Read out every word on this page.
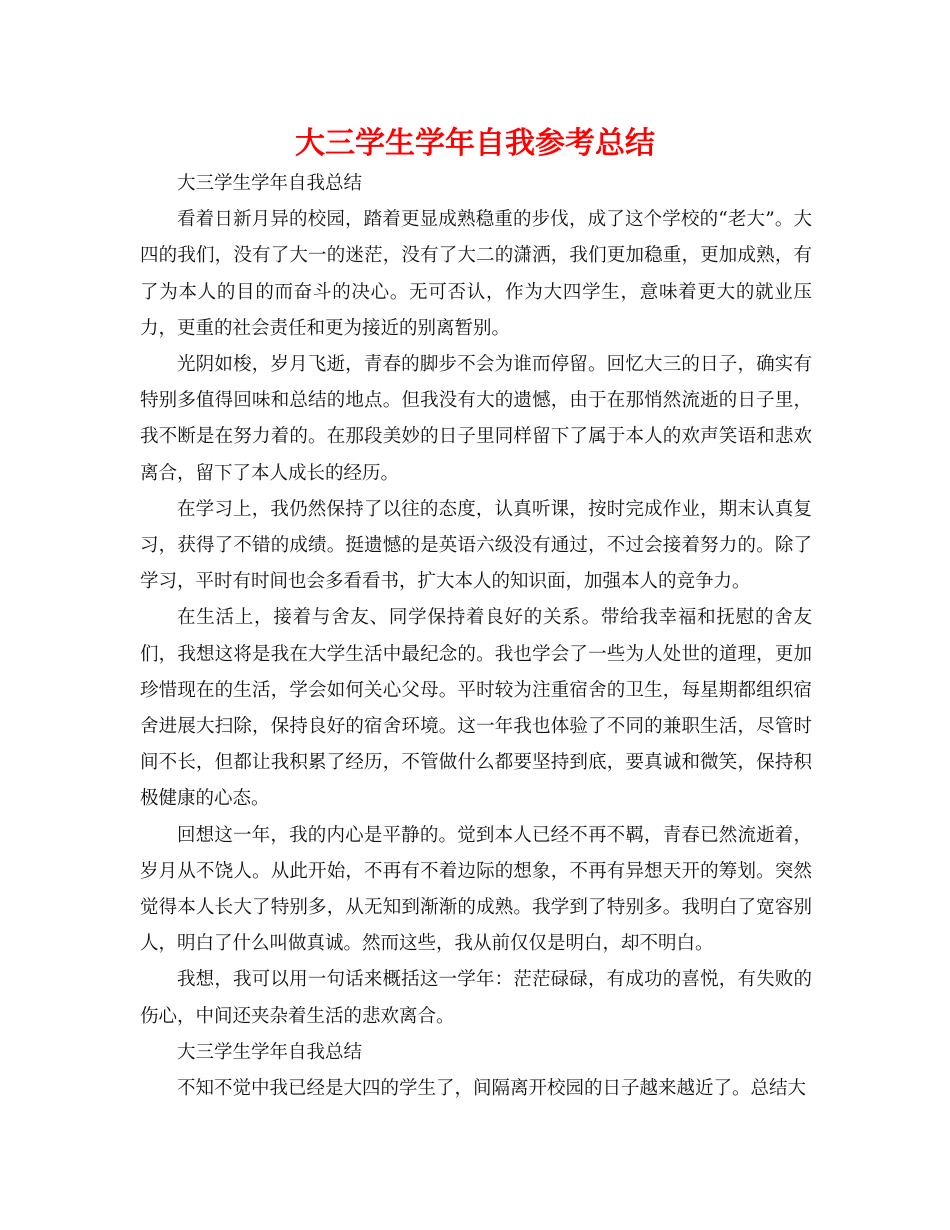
大三学生学年自我参考总结

大三学生学年自我总结

看着日新月异的校园，踏着更显成熟稳重的步伐，成了这个学校的“老大”。大四的我们，没有了大一的迷茫，没有了大二的潇洒，我们更加稳重，更加成熟，有了为本人的目的而奋斗的决心。无可否认，作为大四学生，意味着更大的就业压力，更重的社会责任和更为接近的别离暂别。

光阴如梭，岁月飞逝，青春的脚步不会为谁而停留。回忆大三的日子，确实有特别多值得回味和总结的地点。但我没有大的遗憾，由于在那悄然流逝的日子里，我不断是在努力着的。在那段美妙的日子里同样留下了属于本人的欢声笑语和悲欢离合，留下了本人成长的经历。

在学习上，我仍然保持了以往的态度，认真听课，按时完成作业，期末认真复习，获得了不错的成绩。挺遗憾的是英语六级没有通过，不过会接着努力的。除了学习，平时有时间也会多看看书，扩大本人的知识面，加强本人的竞争力。

在生活上，接着与舍友、同学保持着良好的关系。带给我幸福和抚慰的舍友们，我想这将是我在大学生活中最纪念的。我也学会了一些为人处世的道理，更加珍惜现在的生活，学会如何关心父母。平时较为注重宿舍的卫生，每星期都组织宿舍进展大扫除，保持良好的宿舍环境。这一年我也体验了不同的兼职生活，尽管时间不长，但都让我积累了经历，不管做什么都要坚持到底，要真诚和微笑，保持积极健康的心态。

回想这一年，我的内心是平静的。觉到本人已经不再不羁，青春已然流逝着，岁月从不饶人。从此开始，不再有不着边际的想象，不再有异想天开的筹划。突然觉得本人长大了特别多，从无知到渐渐的成熟。我学到了特别多。我明白了宽容别人，明白了什么叫做真诚。然而这些，我从前仅仅是明白，却不明白。

我想，我可以用一句话来概括这一学年：茫茫碌碌，有成功的喜悦，有失败的伤心，中间还夹杂着生活的悲欢离合。

大三学生学年自我总结

不知不觉中我已经是大四的学生了，间隔离开校园的日子越来越近了。总结大
